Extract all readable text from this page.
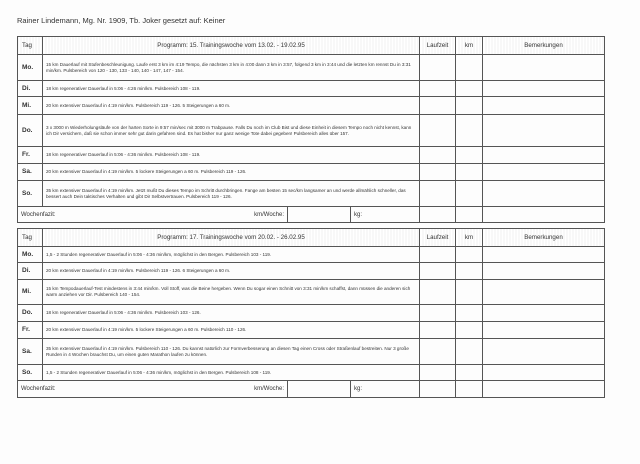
Rainer Lindemann, Mg. Nr. 1909, Tb. Joker gesetzt auf: Keiner
Tag	Programm: 15. Trainingswoche vom 13.02. - 19.02.95			Laufzeit	km	Bemerkungen
Mo.	15 km Dauerlauf mit Stufenbeschleunigung. Laufe erst 3 km im 4:19 Tempo, die nächsten 3 km in 4:00 dann 3 km in 3:57, folgend 3 km in 3:44 und die letzten km rennst Du in 3:31 min/km. Pulsbereich von 120 - 130, 133 - 140, 140 - 147, 147 - 154.					
Di.	18 km regenerativer Dauerlauf in 5:06 - 4:26 min/km. Pulsbereich 108 - 119.					
Mi.	20 km extensiver Dauerlauf in 4:19 min/km. Pulsbereich 119 - 126. 5 Steigerungen a 60 m.					
Do.	3 x 3000 m Wiederholungsläufe von der harten Sorte in 9:57 min/sec mit 3000 m Trabpause. Falls Du noch im Club Bist und diese Einheit in diesem Tempo noch nicht kennst, kann ich Dir versichern, daß sie schon immer sehr gut darin gefahren sind. Es hat bisher nur ganz wenige Tote dabei gegeben! Pulsbereich alles über 157.					
Fr.	18 km regenerativer Dauerlauf in 5:06 - 4:36 min/km. Pulsbereich 108 - 119.					
Sa.	20 km extensiver Dauerlauf in 4:19 min/km. 5 lockere Steigerungen a 60 m. Pulsbereich 119 - 126.					
So.	35 km extensiver Dauerlauf in 4:19 min/km. Jetzt mußt Du dieses Tempo im Schritt durchbringen. Fange am besten 15 sec/km langsamer an und werde allmählich schneller, das bessert auch Dein taktisches Verhalten und gibt Dir Selbstvertrauen. Pulsbereich 119 - 126.					
Wochenfazit: km/Woche:			kg:			
Tag	Programm: 17. Trainingswoche vom 20.02. - 26.02.95			Laufzeit	km	Bemerkungen
Mo.	1,5 - 2 Stunden regenerativer Dauerlauf in 5:06 - 4:36 min/km, möglichst in den Bergen. Pulsbereich 103 - 119.					
Di.	20 km extensiver Dauerlauf in 4:19 min/km. Pulsbereich 119 - 126. 6 Steigerungen a 60 m.					
Mi.	15 km Tempodauerlauf-Test mindestens in 3:44 min/km. Voll Stoff, was die Beine hergeben. Wenn Du sogar einen Schnitt von 3:31 min/km schaffst, dann müssen die anderen sich warm anziehen vor Dir. Pulsbereich 140 - 154.					
Do.	18 km regenerativer Dauerlauf in 5:06 - 4:36 min/km. Pulsbereich 103 - 126.					
Fr.	20 km extensiver Dauerlauf in 4:19 min/km. 5 lockere Steigerungen a 60 m. Pulsbereich 110 - 126.					
Sa.	35 km extensiver Dauerlauf in 4:19 min/km. Pulsbereich 110 - 126. Du kannst natürlich zur Formverbesserung an diesen Tag einen Cross oder Straßenlauf bestreiten. Nur 3 große Runden in 4 Wochen brauchst Du, um einen guten Marathon laufen zu können.					
So.	1,5 - 2 Stunden regenerativer Dauerlauf in 5:06 - 4:36 min/km, möglichst in den Bergen. Pulsbereich 108 - 119.					
Wochenfazit: km/Woche:			kg:			
